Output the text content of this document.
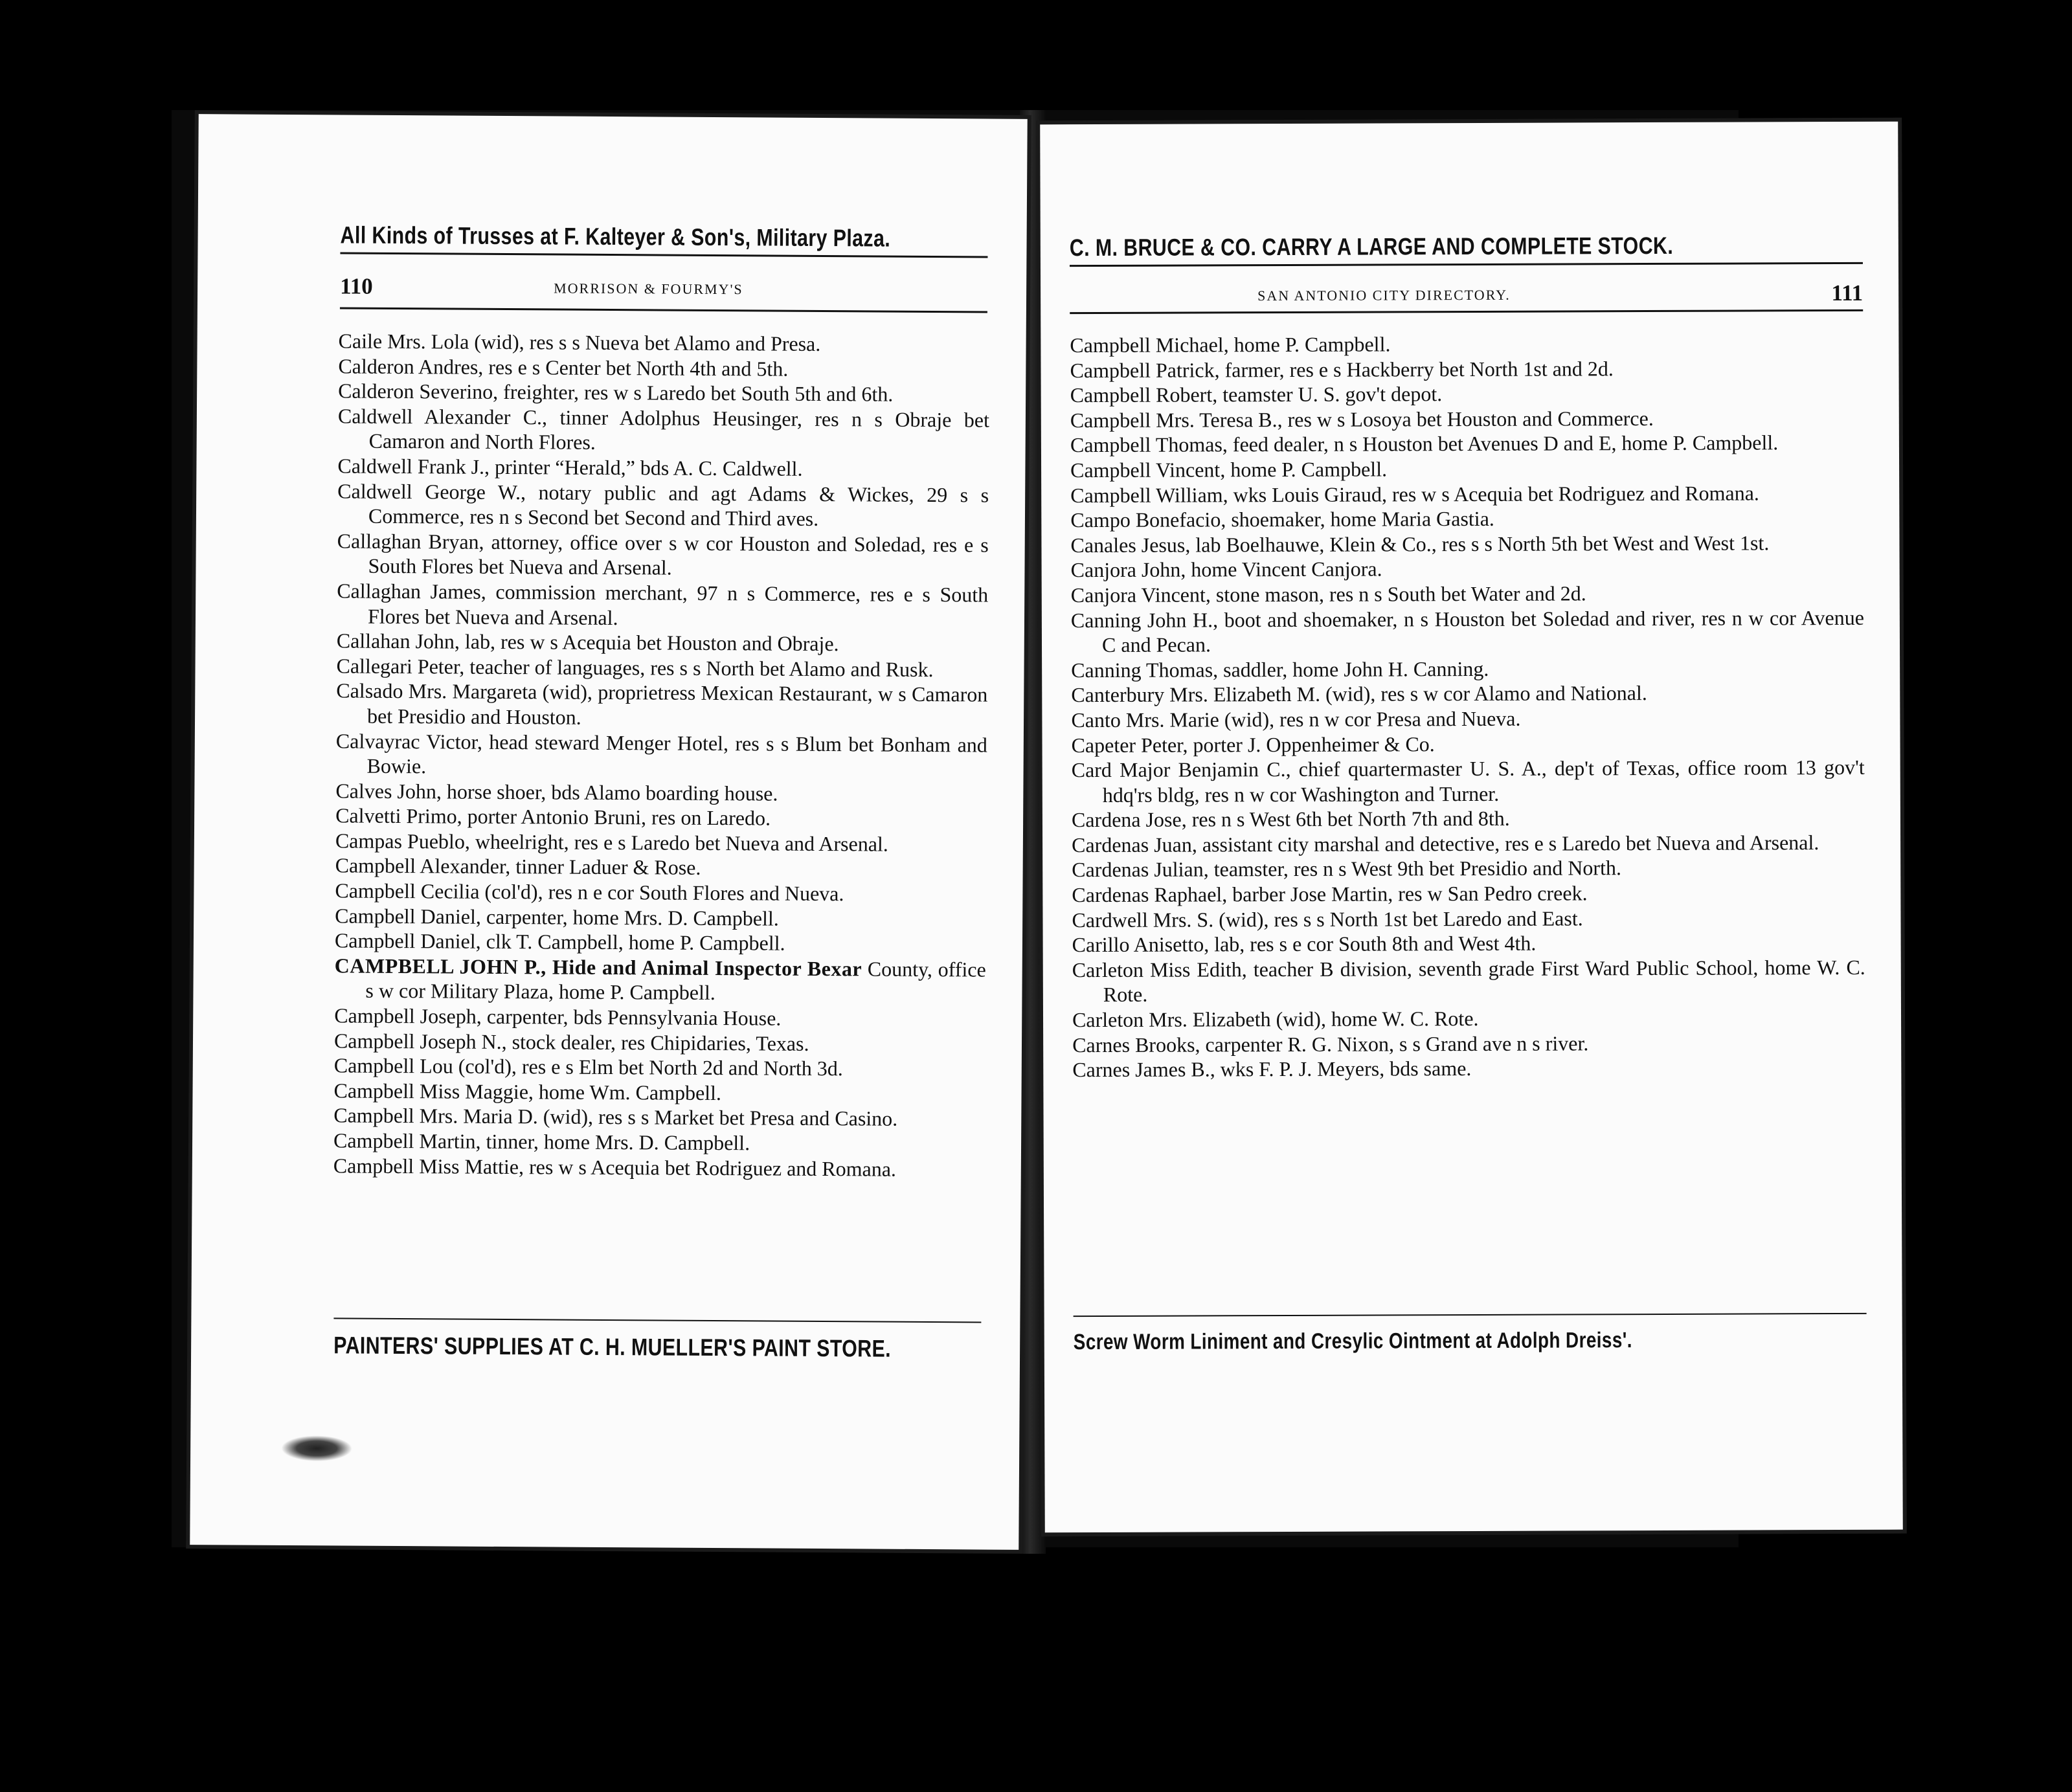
All Kinds of Trusses at F. Kalteyer & Son's, Military Plaza.
110	MORRISON & FOURMY'S
Caile Mrs. Lola (wid), res s s Nueva bet Alamo and Presa.
Calderon Andres, res e s Center bet North 4th and 5th.
Calderon Severino, freighter, res w s Laredo bet South 5th and 6th.
Caldwell Alexander C., tinner Adolphus Heusinger, res n s Obraje bet Camaron and North Flores.
Caldwell Frank J., printer “Herald,” bds A. C. Caldwell.
Caldwell George W., notary public and agt Adams & Wickes, 29 s s Commerce, res n s Second bet Second and Third aves.
Callaghan Bryan, attorney, office over s w cor Houston and Soledad, res e s South Flores bet Nueva and Arsenal.
Callaghan James, commission merchant, 97 n s Commerce, res e s South Flores bet Nueva and Arsenal.
Callahan John, lab, res w s Acequia bet Houston and Obraje.
Callegari Peter, teacher of languages, res s s North bet Alamo and Rusk.
Calsado Mrs. Margareta (wid), proprietress Mexican Restaurant, w s Camaron bet Presidio and Houston.
Calvayrac Victor, head steward Menger Hotel, res s s Blum bet Bonham and Bowie.
Calves John, horse shoer, bds Alamo boarding house.
Calvetti Primo, porter Antonio Bruni, res on Laredo.
Campas Pueblo, wheelright, res e s Laredo bet Nueva and Arsenal.
Campbell Alexander, tinner Laduer & Rose.
Campbell Cecilia (col'd), res n e cor South Flores and Nueva.
Campbell Daniel, carpenter, home Mrs. D. Campbell.
Campbell Daniel, clk T. Campbell, home P. Campbell.
CAMPBELL JOHN P., Hide and Animal Inspector Bexar County, office s w cor Military Plaza, home P. Campbell.
Campbell Joseph, carpenter, bds Pennsylvania House.
Campbell Joseph N., stock dealer, res Chipidaries, Texas.
Campbell Lou (col'd), res e s Elm bet North 2d and North 3d.
Campbell Miss Maggie, home Wm. Campbell.
Campbell Mrs. Maria D. (wid), res s s Market bet Presa and Casino.
Campbell Martin, tinner, home Mrs. D. Campbell.
Campbell Miss Mattie, res w s Acequia bet Rodriguez and Romana.
PAINTERS' SUPPLIES AT C. H. MUELLER'S PAINT STORE.
C. M. BRUCE & CO. CARRY A LARGE AND COMPLETE STOCK.
SAN ANTONIO CITY DIRECTORY.	111
Campbell Michael, home P. Campbell.
Campbell Patrick, farmer, res e s Hackberry bet North 1st and 2d.
Campbell Robert, teamster U. S. gov't depot.
Campbell Mrs. Teresa B., res w s Losoya bet Houston and Commerce.
Campbell Thomas, feed dealer, n s Houston bet Avenues D and E, home P. Campbell.
Campbell Vincent, home P. Campbell.
Campbell William, wks Louis Giraud, res w s Acequia bet Rodriguez and Romana.
Campo Bonefacio, shoemaker, home Maria Gastia.
Canales Jesus, lab Boelhauwe, Klein & Co., res s s North 5th bet West and West 1st.
Canjora John, home Vincent Canjora.
Canjora Vincent, stone mason, res n s South bet Water and 2d.
Canning John H., boot and shoemaker, n s Houston bet Soledad and river, res n w cor Avenue C and Pecan.
Canning Thomas, saddler, home John H. Canning.
Canterbury Mrs. Elizabeth M. (wid), res s w cor Alamo and National.
Canto Mrs. Marie (wid), res n w cor Presa and Nueva.
Capeter Peter, porter J. Oppenheimer & Co.
Card Major Benjamin C., chief quartermaster U. S. A., dep't of Texas, office room 13 gov't hdq'rs bldg, res n w cor Washington and Turner.
Cardena Jose, res n s West 6th bet North 7th and 8th.
Cardenas Juan, assistant city marshal and detective, res e s Laredo bet Nueva and Arsenal.
Cardenas Julian, teamster, res n s West 9th bet Presidio and North.
Cardenas Raphael, barber Jose Martin, res w San Pedro creek.
Cardwell Mrs. S. (wid), res s s North 1st bet Laredo and East.
Carillo Anisetto, lab, res s e cor South 8th and West 4th.
Carleton Miss Edith, teacher B division, seventh grade First Ward Public School, home W. C. Rote.
Carleton Mrs. Elizabeth (wid), home W. C. Rote.
Carnes Brooks, carpenter R. G. Nixon, s s Grand ave n s river.
Carnes James B., wks F. P. J. Meyers, bds same.
Screw Worm Liniment and Cresylic Ointment at Adolph Dreiss'.
